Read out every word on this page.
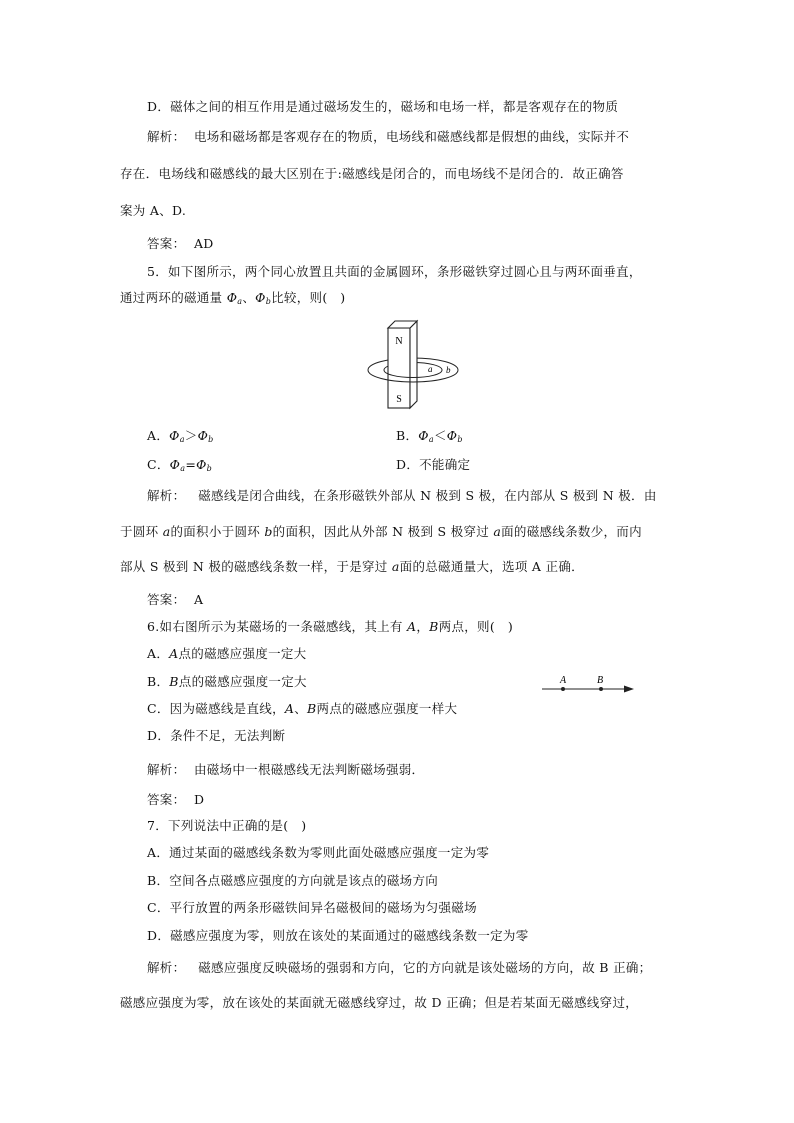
D．磁体之间的相互作用是通过磁场发生的，磁场和电场一样，都是客观存在的物质
解析： 电场和磁场都是客观存在的物质，电场线和磁感线都是假想的曲线，实际并不
存在．电场线和磁感线的最大区别在于:磁感线是闭合的，而电场线不是闭合的．故正确答
案为 A、D.
答案： AD
5．如下图所示，两个同心放置且共面的金属圆环，条形磁铁穿过圆心且与两环面垂直，
通过两环的磁通量 $\Phi_a$、$\Phi_b$比较，则(　)
N
S
a b
A．$\Phi_a>\Phi_b$	B．$\Phi_a<\Phi_b$
C．$\Phi_a=\Phi_b$	D．不能确定
解析： 磁感线是闭合曲线，在条形磁铁外部从 N 极到 S 极，在内部从 S 极到 N 极．由
于圆环 a的面积小于圆环 b的面积，因此从外部 N 极到 S 极穿过 a面的磁感线条数少，而内
部从 S 极到 N 极的磁感线条数一样，于是穿过 a面的总磁通量大，选项 A 正确．
答案： A
6.如右图所示为某磁场的一条磁感线，其上有 A，B两点，则(　)
A．A点的磁感应强度一定大
B．B点的磁感应强度一定大
C．因为磁感线是直线，A、B两点的磁感应强度一样大
D．条件不足，无法判断
A	B
解析： 由磁场中一根磁感线无法判断磁场强弱．
答案： D
7．下列说法中正确的是(　)
A．通过某面的磁感线条数为零则此面处磁感应强度一定为零
B．空间各点磁感应强度的方向就是该点的磁场方向
C．平行放置的两条形磁铁间异名磁极间的磁场为匀强磁场
D．磁感应强度为零，则放在该处的某面通过的磁感线条数一定为零
解析： 磁感应强度反映磁场的强弱和方向，它的方向就是该处磁场的方向，故 B 正确；
磁感应强度为零，放在该处的某面就无磁感线穿过，故 D 正确；但是若某面无磁感线穿过，
